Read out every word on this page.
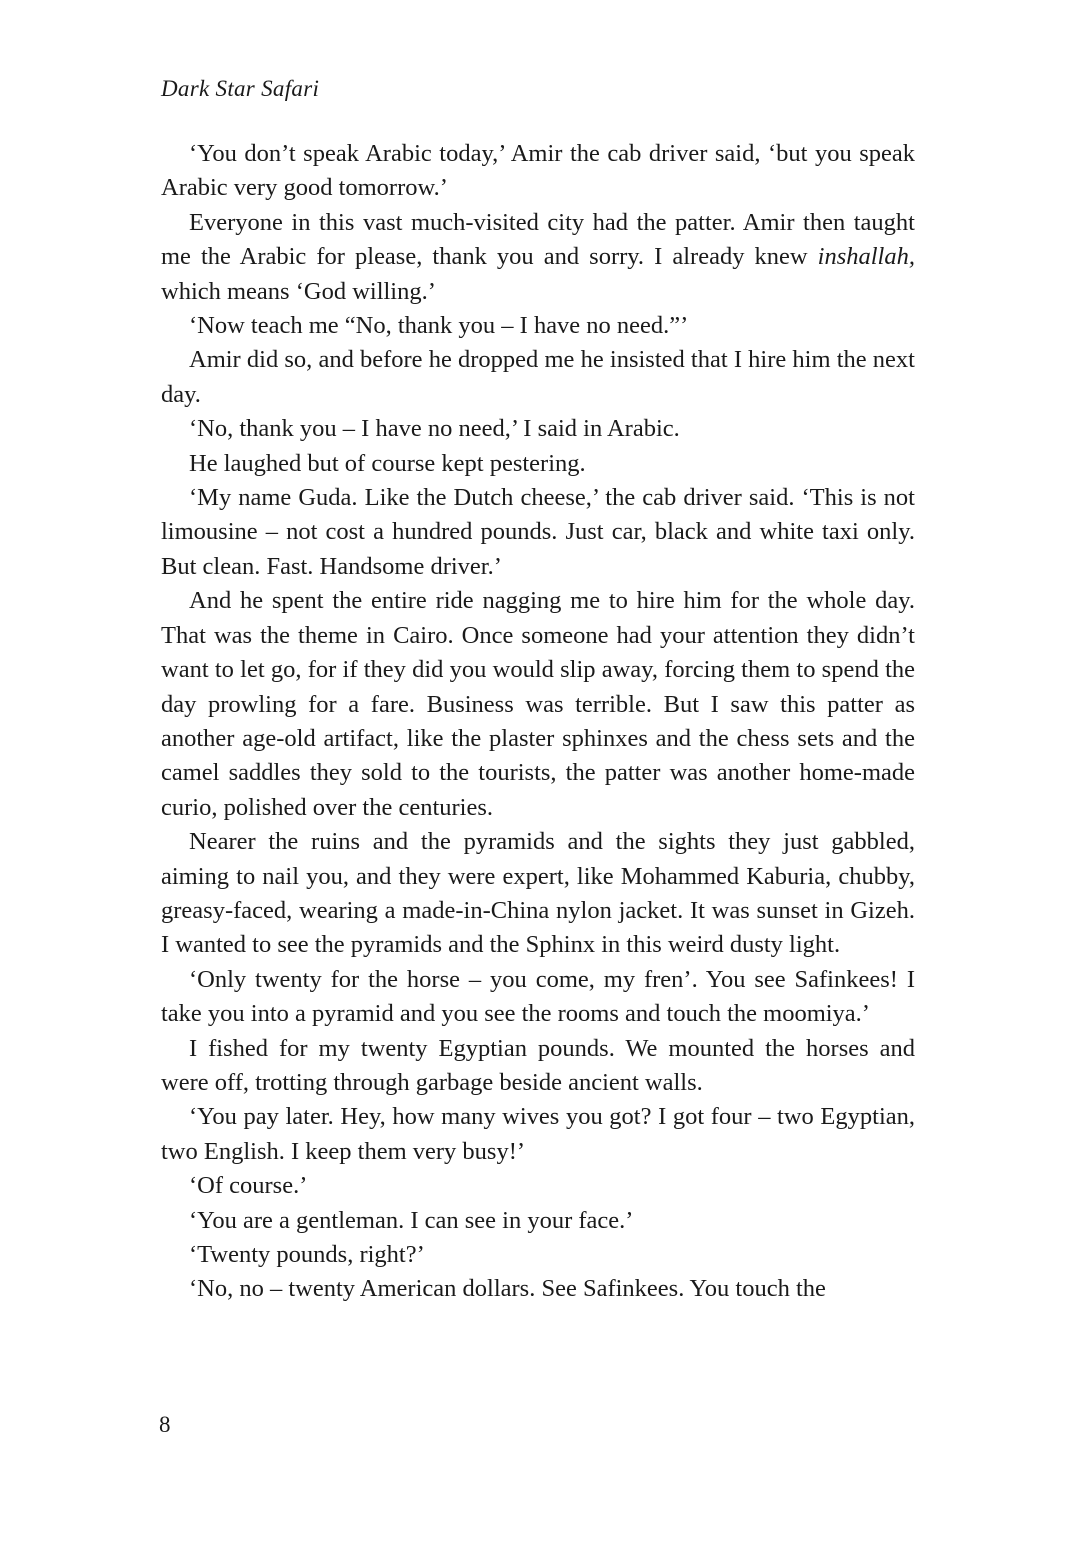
Dark Star Safari

‘You don’t speak Arabic today,’ Amir the cab driver said, ‘but you speak Arabic very good tomorrow.’

Everyone in this vast much-visited city had the patter. Amir then taught me the Arabic for please, thank you and sorry. I already knew inshallah, which means ‘God willing.’

‘Now teach me “No, thank you – I have no need.”’

Amir did so, and before he dropped me he insisted that I hire him the next day.

‘No, thank you – I have no need,’ I said in Arabic.

He laughed but of course kept pestering.

‘My name Guda. Like the Dutch cheese,’ the cab driver said. ‘This is not limousine – not cost a hundred pounds. Just car, black and white taxi only. But clean. Fast. Handsome driver.’

And he spent the entire ride nagging me to hire him for the whole day. That was the theme in Cairo. Once someone had your attention they didn’t want to let go, for if they did you would slip away, forcing them to spend the day prowling for a fare. Business was terrible. But I saw this patter as another age-old artifact, like the plaster sphinxes and the chess sets and the camel saddles they sold to the tourists, the patter was another home-made curio, polished over the centuries.

Nearer the ruins and the pyramids and the sights they just gabbled, aiming to nail you, and they were expert, like Mohammed Kaburia, chubby, greasy-faced, wearing a made-in-China nylon jacket. It was sunset in Gizeh. I wanted to see the pyramids and the Sphinx in this weird dusty light.

‘Only twenty for the horse – you come, my fren’. You see Safinkees! I take you into a pyramid and you see the rooms and touch the moomiya.’

I fished for my twenty Egyptian pounds. We mounted the horses and were off, trotting through garbage beside ancient walls.

‘You pay later. Hey, how many wives you got? I got four – two Egyptian, two English. I keep them very busy!’

‘Of course.’

‘You are a gentleman. I can see in your face.’

‘Twenty pounds, right?’

‘No, no – twenty American dollars. See Safinkees. You touch the

8
